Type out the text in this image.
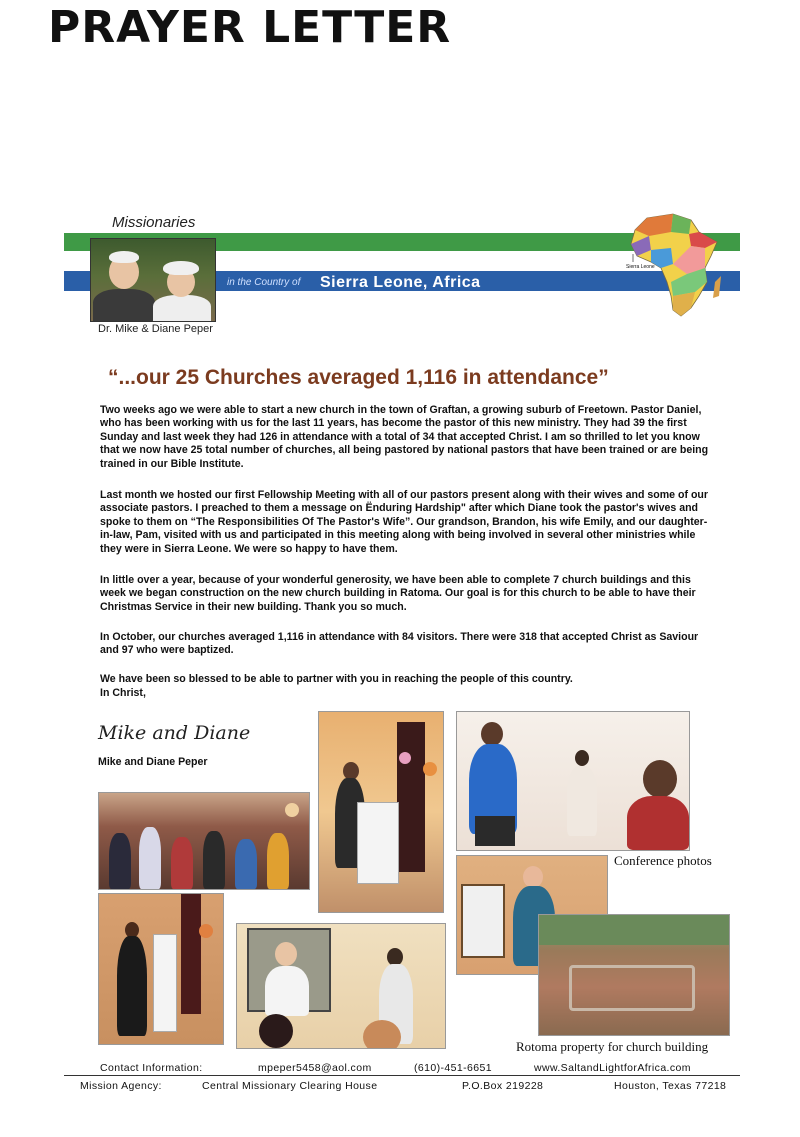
PRAYER LETTER
Missionaries
in the Country of Sierra Leone, Africa
Dr. Mike & Diane Peper
Sierra Leone
“...our 25 Churches averaged 1,116 in attendance”
Two weeks ago we were able to start a new church in the town of Graftan, a growing suburb of Freetown. Pastor Daniel, who has been working with us for the last 11 years, has become the pastor of this new ministry. They had 39 the first Sunday and last week they had 126 in attendance with a total of 34 that accepted Christ. I am so thrilled to let you know that we now have 25 total number of churches, all being pastored by national pastors that have been trained or are being trained in our Bible Institute.
Last month we hosted our first Fellowship Meeting with all of our pastors present along with their wives and some of our associate pastors. I preached to them a message on Ёnduring Hardship" after which Diane took the pastor's wives and spoke to them on “The Responsibilities Of The Pastor's Wife”. Our grandson, Brandon, his wife Emily, and our daughter-in-law, Pam, visited with us and participated in this meeting along with being involved in several other ministries while they were in Sierra Leone. We were so happy to have them.
In little over a year, because of your wonderful generosity, we have been able to complete 7 church buildings and this week we began construction on the new church building in Ratoma. Our goal is for this church to be able to have their Christmas Service in their new building. Thank you so much.
In October, our churches averaged 1,116 in attendance with 84 visitors. There were 318 that accepted Christ as Saviour and 97 who were baptized.
We have been so blessed to be able to partner with you in reaching the people of this country.
In Christ,
Mike and Diane
Mike and Diane Peper
Conference photos
Rotoma property for church building
Contact Information:	mpeper5458@aol.com	(610)-451-6651	www.SaltandLightforAfrica.com
Mission Agency:	Central Missionary Clearing House	P.O.Box 219228	Houston, Texas 77218
